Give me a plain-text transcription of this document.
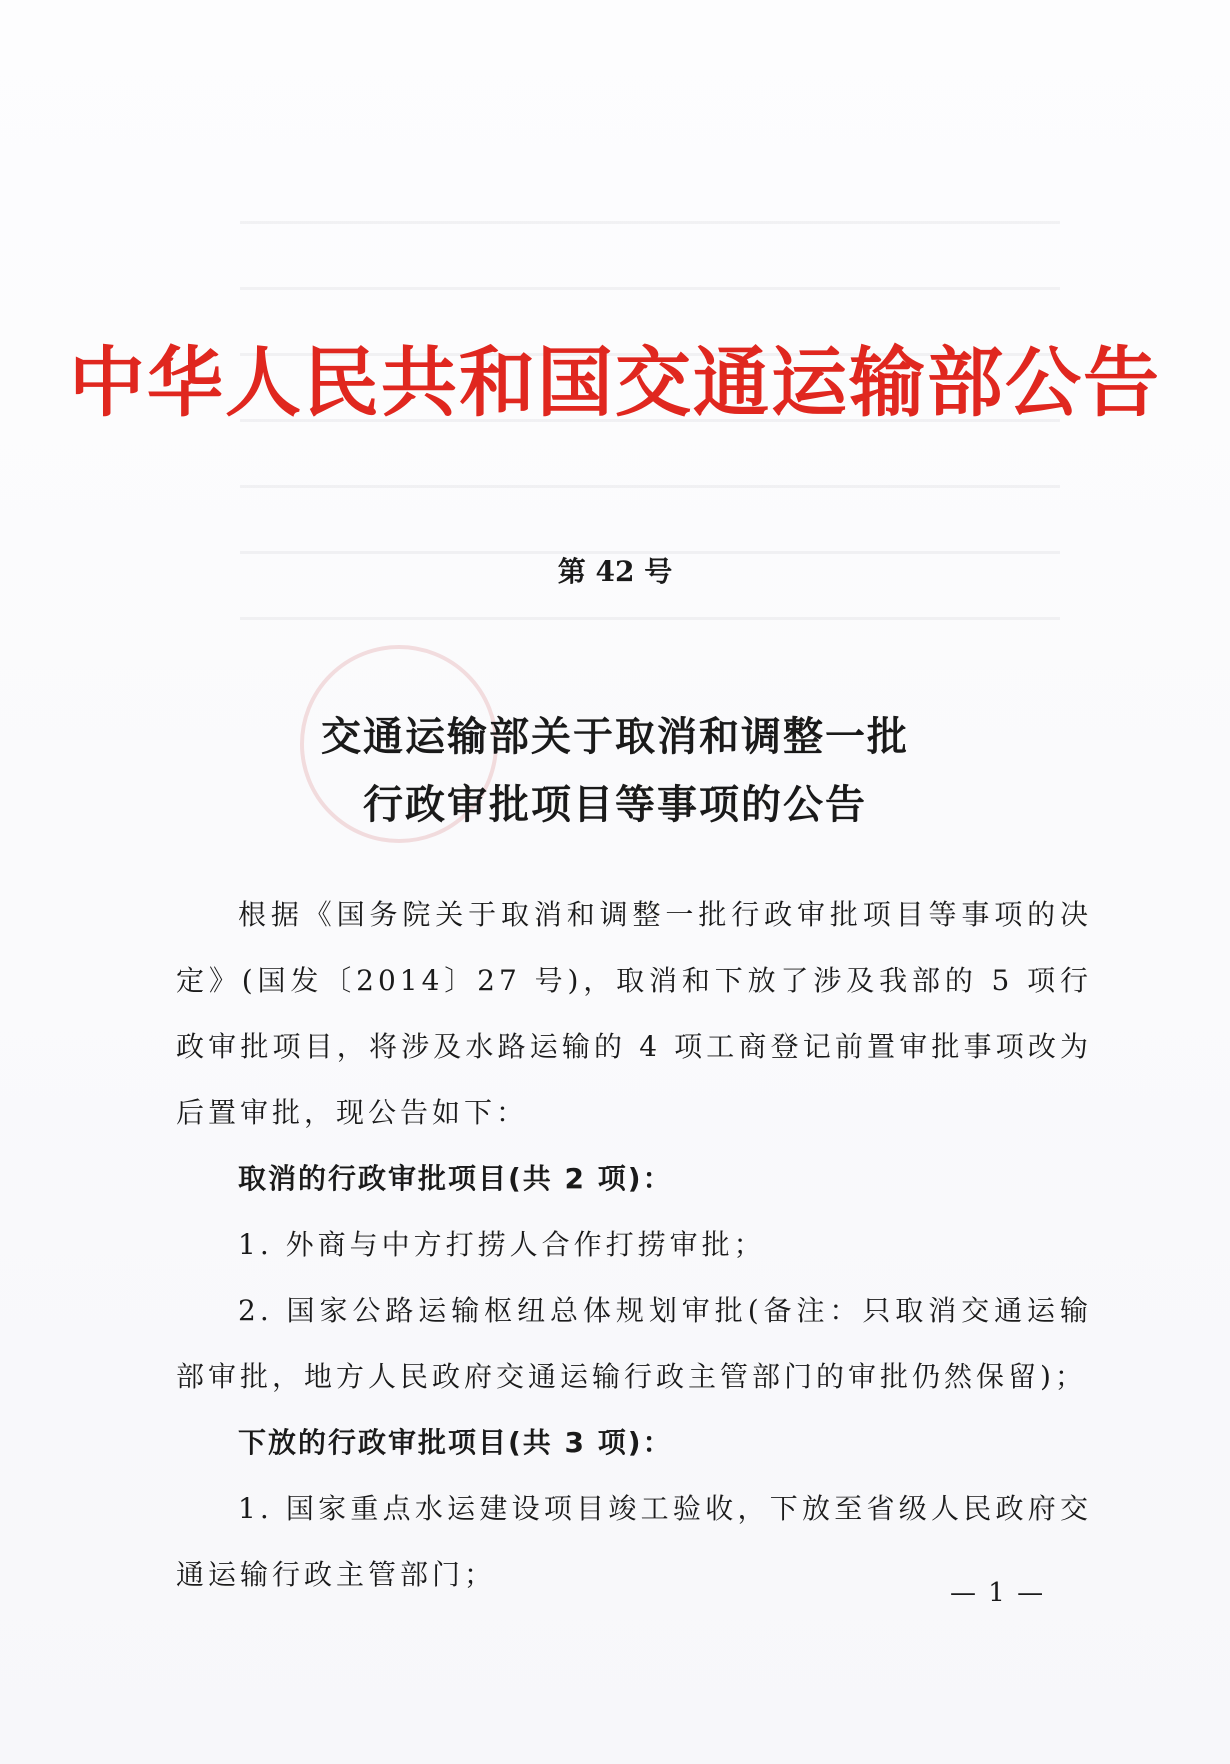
中华人民共和国交通运输部公告
第 42 号
交通运输部关于取消和调整一批
行政审批项目等事项的公告

根据《国务院关于取消和调整一批行政审批项目等事项的决定》(国发〔2014〕27 号)，取消和下放了涉及我部的 5 项行政审批项目，将涉及水路运输的 4 项工商登记前置审批事项改为后置审批，现公告如下：

取消的行政审批项目(共 2 项)：

1. 外商与中方打捞人合作打捞审批；

2. 国家公路运输枢纽总体规划审批(备注：只取消交通运输部审批，地方人民政府交通运输行政主管部门的审批仍然保留)；

下放的行政审批项目(共 3 项)：

1. 国家重点水运建设项目竣工验收，下放至省级人民政府交通运输行政主管部门；

— 1 —
